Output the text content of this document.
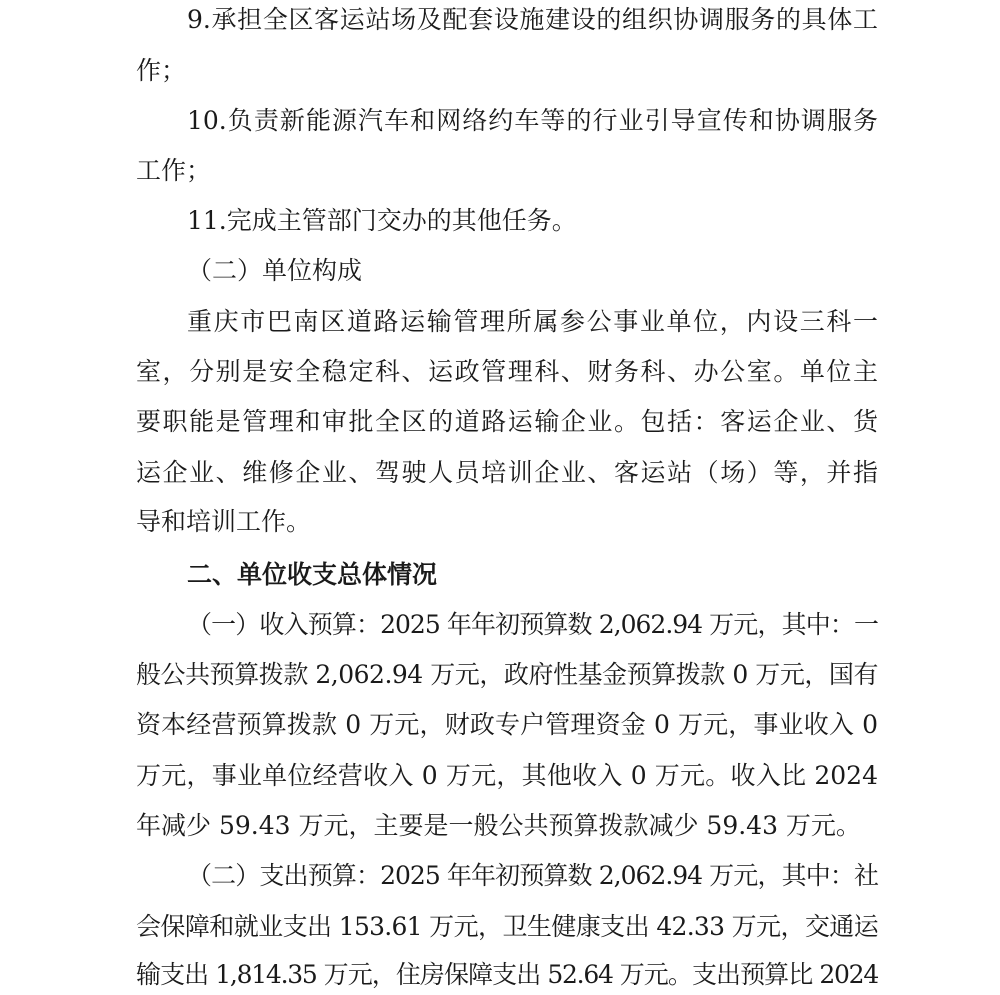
9.承担全区客运站场及配套设施建设的组织协调服务的具体工
作；
10.负责新能源汽车和网络约车等的行业引导宣传和协调服务
工作；
11.完成主管部门交办的其他任务。
（二）单位构成
重庆市巴南区道路运输管理所属参公事业单位，内设三科一
室，分别是安全稳定科、运政管理科、财务科、办公室。单位主
要职能是管理和审批全区的道路运输企业。包括：客运企业、货
运企业、维修企业、驾驶人员培训企业、客运站（场）等，并指
导和培训工作。
二、单位收支总体情况
（一）收入预算：2025 年年初预算数 2,062.94 万元，其中：一
般公共预算拨款 2,062.94 万元，政府性基金预算拨款 0 万元，国有
资本经营预算拨款 0 万元，财政专户管理资金 0 万元，事业收入 0
万元，事业单位经营收入 0 万元，其他收入 0 万元。收入比 2024
年减少 59.43 万元，主要是一般公共预算拨款减少 59.43 万元。
（二）支出预算：2025 年年初预算数 2,062.94 万元，其中：社
会保障和就业支出 153.61 万元，卫生健康支出 42.33 万元，交通运
输支出 1,814.35 万元，住房保障支出 52.64 万元。支出预算比 2024
